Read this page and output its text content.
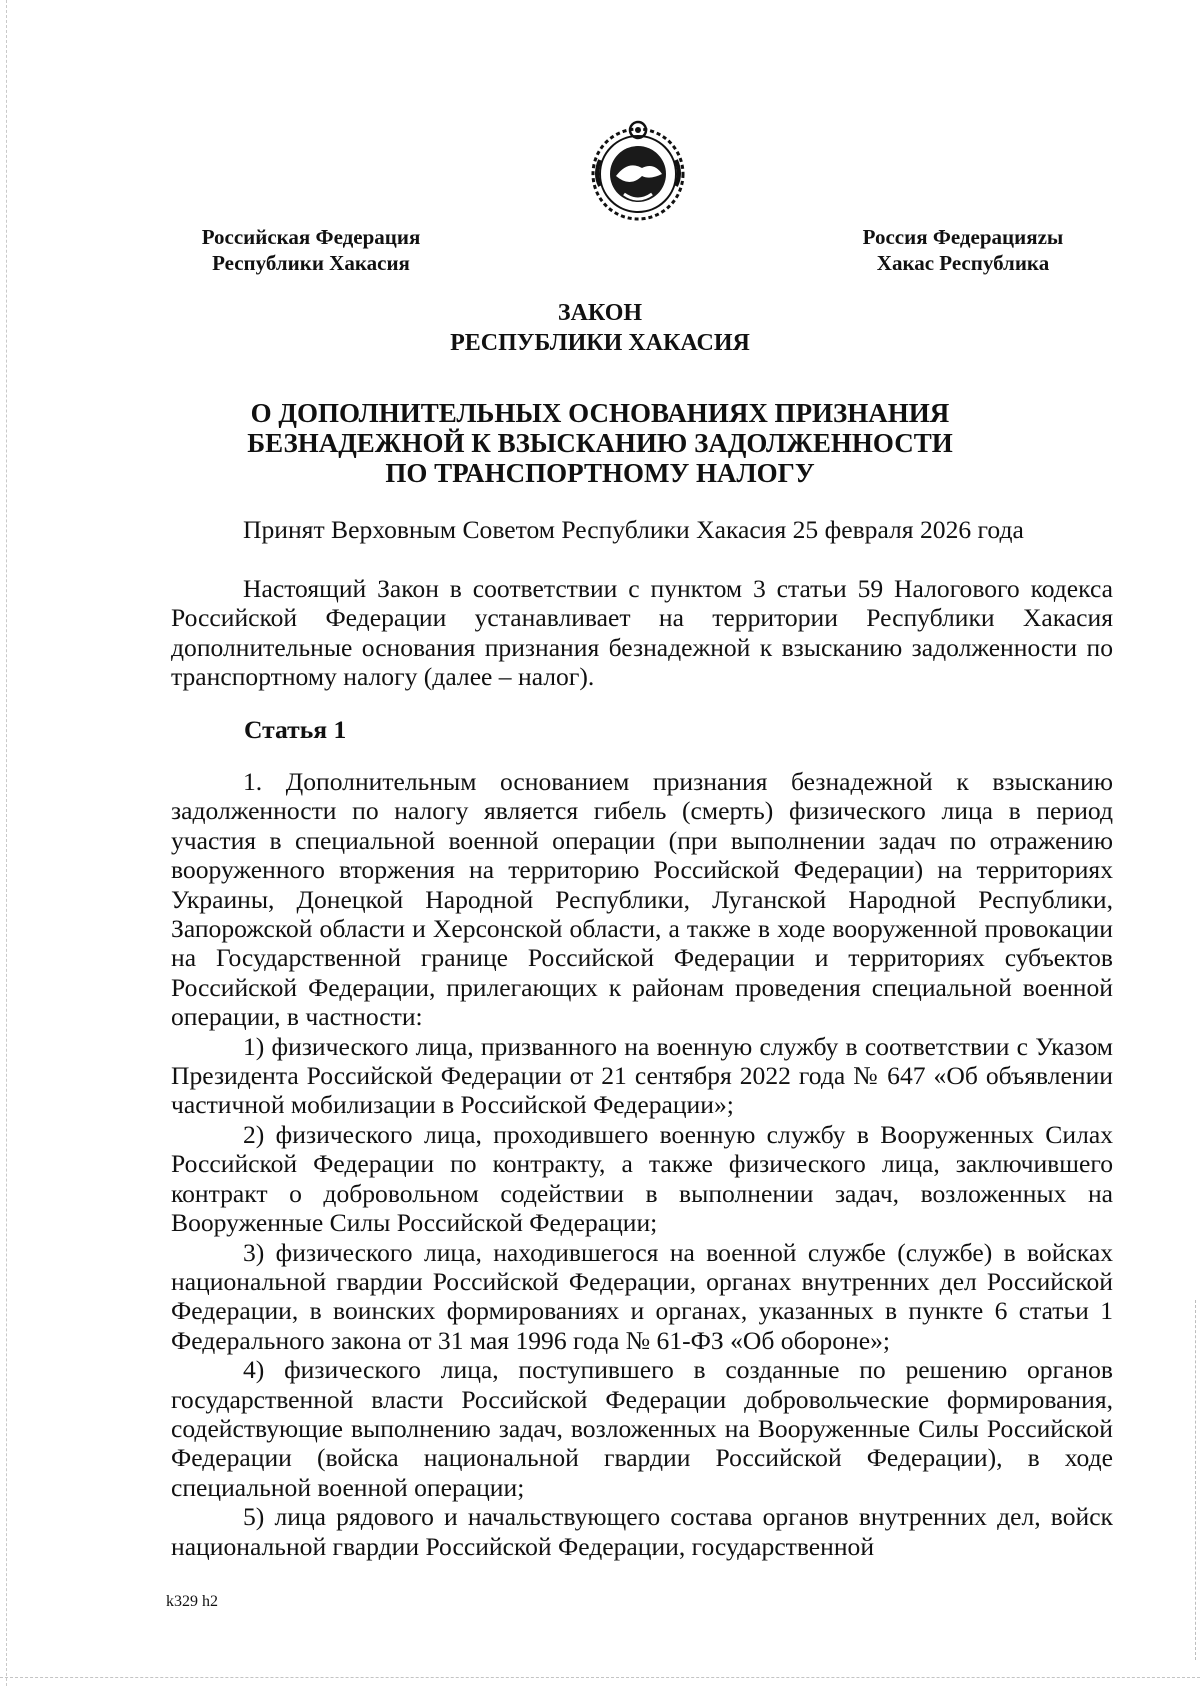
Российская Федерация
Республики Хакасия
Россия Федерацияzы
Хакас Республика
ЗАКОН
РЕСПУБЛИКИ ХАКАСИЯ
О ДОПОЛНИТЕЛЬНЫХ ОСНОВАНИЯХ ПРИЗНАНИЯ
БЕЗНАДЕЖНОЙ К ВЗЫСКАНИЮ ЗАДОЛЖЕННОСТИ
ПО ТРАНСПОРТНОМУ НАЛОГУ
Принят Верховным Советом Республики Хакасия 25 февраля 2026 года

Настоящий Закон в соответствии с пунктом 3 статьи 59 Налогового кодекса Российской Федерации устанавливает на территории Республики Хакасия дополнительные основания признания безнадежной к взысканию задолженности по транспортному налогу (далее – налог).

Статья 1

1. Дополнительным основанием признания безнадежной к взысканию задолженности по налогу является гибель (смерть) физического лица в период участия в специальной военной операции (при выполнении задач по отражению вооруженного вторжения на территорию Российской Федерации) на территориях Украины, Донецкой Народной Республики, Луганской Народной Республики, Запорожской области и Херсонской области, а также в ходе вооруженной провокации на Государственной границе Российской Федерации и территориях субъектов Российской Федерации, прилегающих к районам проведения специальной военной операции, в частности:

1) физического лица, призванного на военную службу в соответствии с Указом Президента Российской Федерации от 21 сентября 2022 года № 647 «Об объявлении частичной мобилизации в Российской Федерации»;

2) физического лица, проходившего военную службу в Вооруженных Силах Российской Федерации по контракту, а также физического лица, заключившего контракт о добровольном содействии в выполнении задач, возложенных на Вооруженные Силы Российской Федерации;

3) физического лица, находившегося на военной службе (службе) в войсках национальной гвардии Российской Федерации, органах внутренних дел Российской Федерации, в воинских формированиях и органах, указанных в пункте 6 статьи 1 Федерального закона от 31 мая 1996 года № 61-ФЗ «Об обороне»;

4) физического лица, поступившего в созданные по решению органов государственной власти Российской Федерации добровольческие формирования, содействующие выполнению задач, возложенных на Вооруженные Силы Российской Федерации (войска национальной гвардии Российской Федерации), в ходе специальной военной операции;

5) лица рядового и начальствующего состава органов внутренних дел, войск национальной гвардии Российской Федерации, государственной

k329 h2
